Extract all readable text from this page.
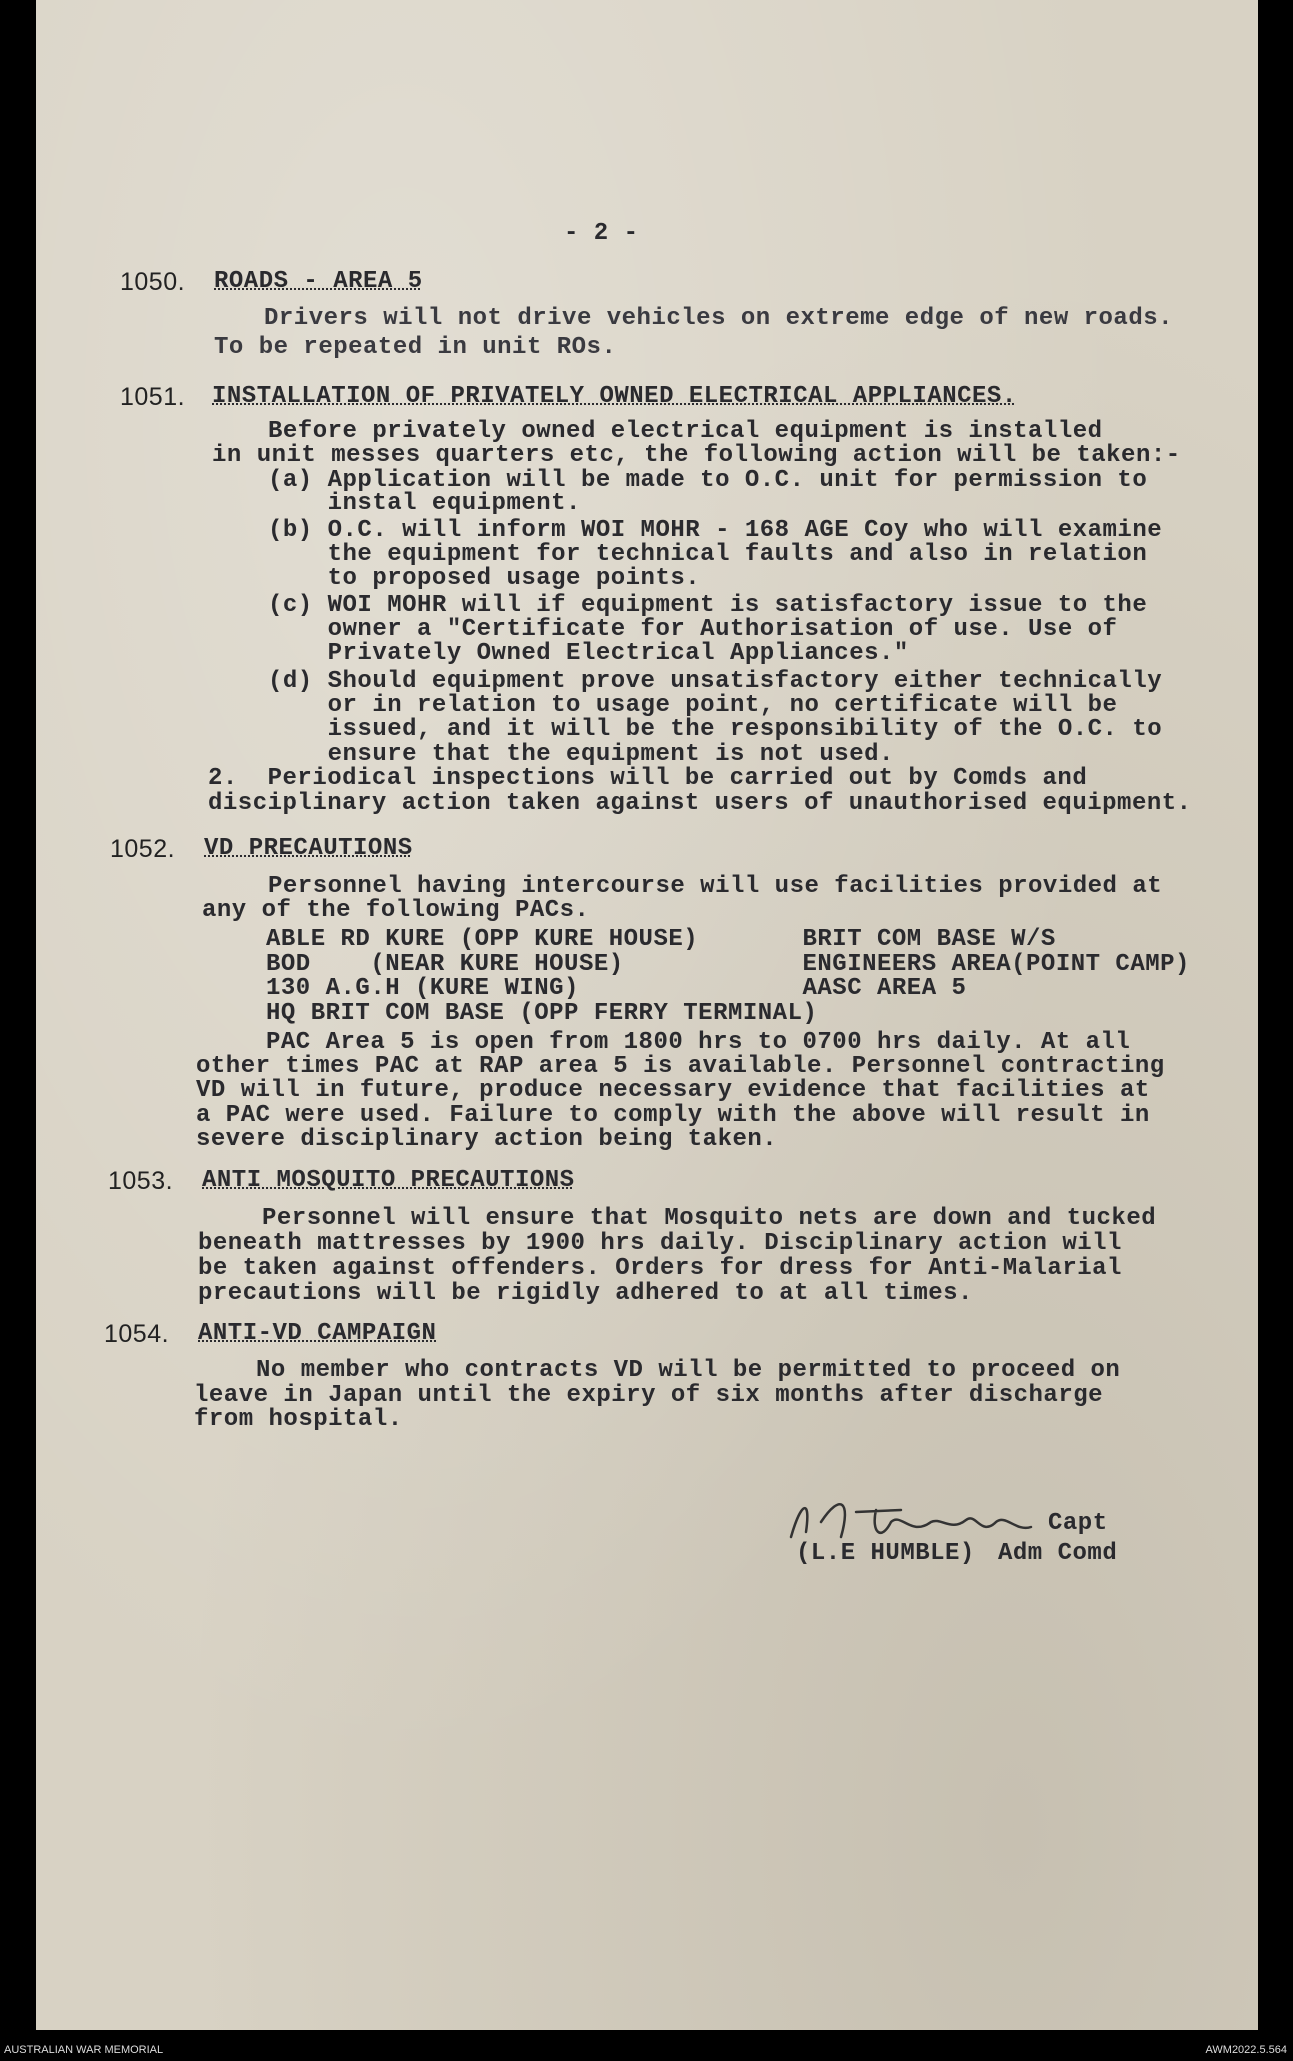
- 2 -
1050. ROADS - AREA 5
Drivers will not drive vehicles on extreme edge of new roads.
To be repeated in unit ROs.
1051. INSTALLATION OF PRIVATELY OWNED ELECTRICAL APPLIANCES.
Before privately owned electrical equipment is installed
in unit messes quarters etc, the following action will be taken:-
(a) Application will be made to O.C. unit for permission to
instal equipment.
(b) O.C. will inform WOI MOHR - 168 AGE Coy who will examine
the equipment for technical faults and also in relation
to proposed usage points.
(c) WOI MOHR will if equipment is satisfactory issue to the
owner a "Certificate for Authorisation of use. Use of
Privately Owned Electrical Appliances."
(d) Should equipment prove unsatisfactory either technically
or in relation to usage point, no certificate will be
issued, and it will be the responsibility of the O.C. to
ensure that the equipment is not used.
2.  Periodical inspections will be carried out by Comds and
disciplinary action taken against users of unauthorised equipment.
1052. VD PRECAUTIONS
Personnel having intercourse will use facilities provided at
any of the following PACs.
ABLE RD KURE (OPP KURE HOUSE)       BRIT COM BASE W/S
BOD    (NEAR KURE HOUSE)            ENGINEERS AREA(POINT CAMP)
130 A.G.H (KURE WING)               AASC AREA 5
HQ BRIT COM BASE (OPP FERRY TERMINAL)
PAC Area 5 is open from 1800 hrs to 0700 hrs daily. At all
other times PAC at RAP area 5 is available. Personnel contracting
VD will in future, produce necessary evidence that facilities at
a PAC were used. Failure to comply with the above will result in
severe disciplinary action being taken.
1053. ANTI MOSQUITO PRECAUTIONS
Personnel will ensure that Mosquito nets are down and tucked
beneath mattresses by 1900 hrs daily. Disciplinary action will
be taken against offenders. Orders for dress for Anti-Malarial
precautions will be rigidly adhered to at all times.
1054. ANTI-VD CAMPAIGN
No member who contracts VD will be permitted to proceed on
leave in Japan until the expiry of six months after discharge
from hospital.
Capt
(L.E HUMBLE) Adm Comd
AUSTRALIAN WAR MEMORIAL	AWM2022.5.564
